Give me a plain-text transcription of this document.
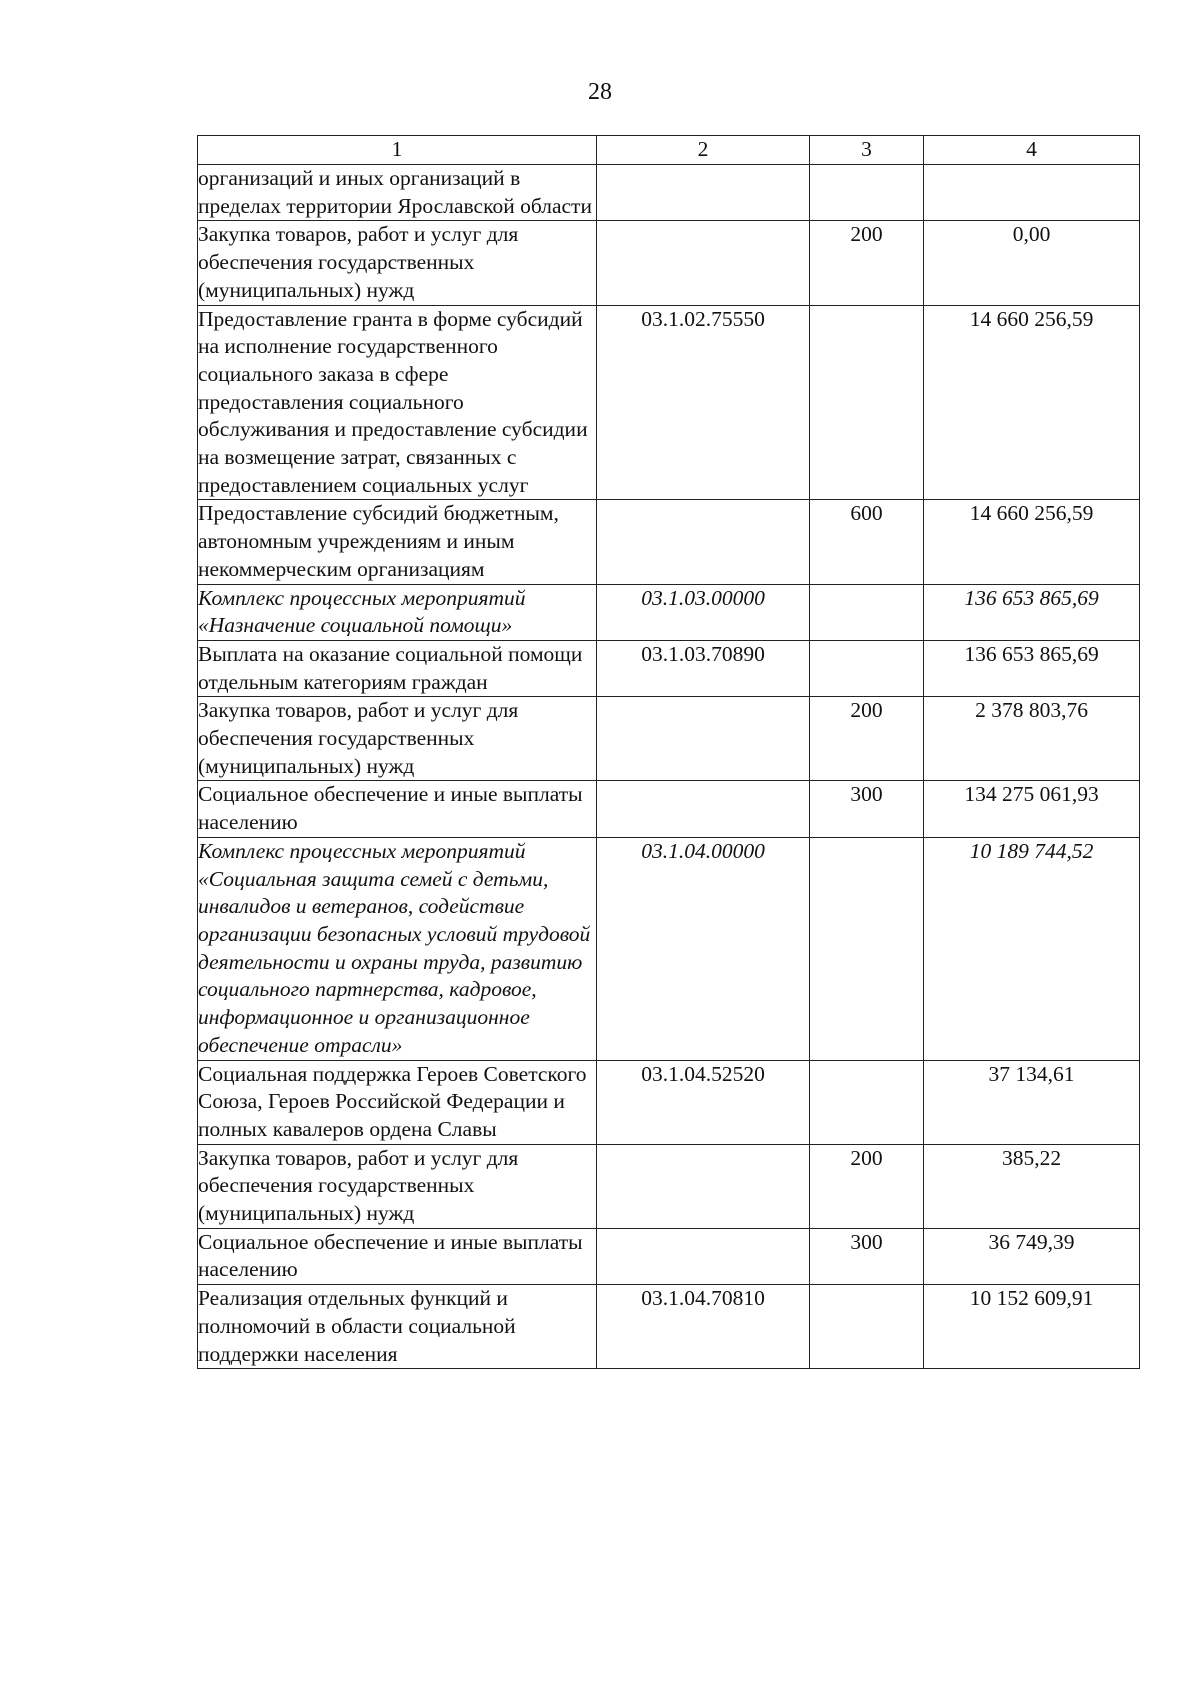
28
1	2	3	4
организаций и иных организаций в пределах территории Ярославской области			
Закупка товаров, работ и услуг для обеспечения государственных (муниципальных) нужд		200	0,00
Предоставление гранта в форме субсидий на исполнение государственного социального заказа в сфере предоставления социального обслуживания и предоставление субсидии на возмещение затрат, связанных с предоставлением социальных услуг	03.1.02.75550		14 660 256,59
Предоставление субсидий бюджетным, автономным учреждениям и иным некоммерческим организациям		600	14 660 256,59
Комплекс процессных мероприятий «Назначение социальной помощи»	03.1.03.00000		136 653 865,69
Выплата на оказание социальной помощи отдельным категориям граждан	03.1.03.70890		136 653 865,69
Закупка товаров, работ и услуг для обеспечения государственных (муниципальных) нужд		200	2 378 803,76
Социальное обеспечение и иные выплаты населению		300	134 275 061,93
Комплекс процессных мероприятий «Социальная защита семей с детьми, инвалидов и ветеранов, содействие организации безопасных условий трудовой деятельности и охраны труда, развитию социального партнерства, кадровое, информационное и организационное обеспечение отрасли»	03.1.04.00000		10 189 744,52
Социальная поддержка Героев Советского Союза, Героев Российской Федерации и полных кавалеров ордена Славы	03.1.04.52520		37 134,61
Закупка товаров, работ и услуг для обеспечения государственных (муниципальных) нужд		200	385,22
Социальное обеспечение и иные выплаты населению		300	36 749,39
Реализация отдельных функций и полномочий в области социальной поддержки населения	03.1.04.70810		10 152 609,91
